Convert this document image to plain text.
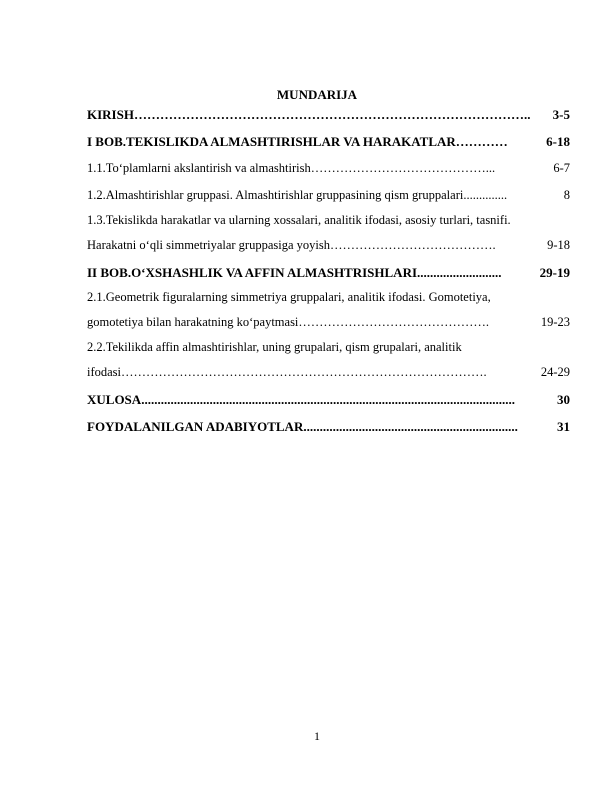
MUNDARIJA
KIRISH ………………………………………………………………………………..	3-5
I BOB.TEKISLIKDA ALMASHTIRISHLAR VA HARAKATLAR …………	6-18
1.1.To‘plamlarni akslantirish va almashtirish ……………………………………...	6-7
1.2.Almashtirishlar gruppasi. Almashtirishlar gruppasining qism gruppalari ..............	8
1.3.Tekislikda harakatlar va ularning xossalari, analitik ifodasi, asosiy turlari, tasnifi.
Harakatni o‘qli simmetriyalar gruppasiga yoyish ………………………………….	9-18
II BOB.O‘XSHASHLIK VA AFFIN ALMASHTRISHLARI ..........................	29-19
2.1.Geometrik figuralarning simmetriya gruppalari, analitik ifodasi. Gomotetiya,
gomotetiya bilan harakatning ko‘paytmasi ……………………………………….	19-23
2.2.Tekilikda affin almashtirishlar, uning grupalari, qism grupalari, analitik
ifodasi …………………………………………………………………………….	24-29
XULOSA ...................................................................................................................	30
FOYDALANILGAN ADABIYOTLAR ..................................................................	31
1
